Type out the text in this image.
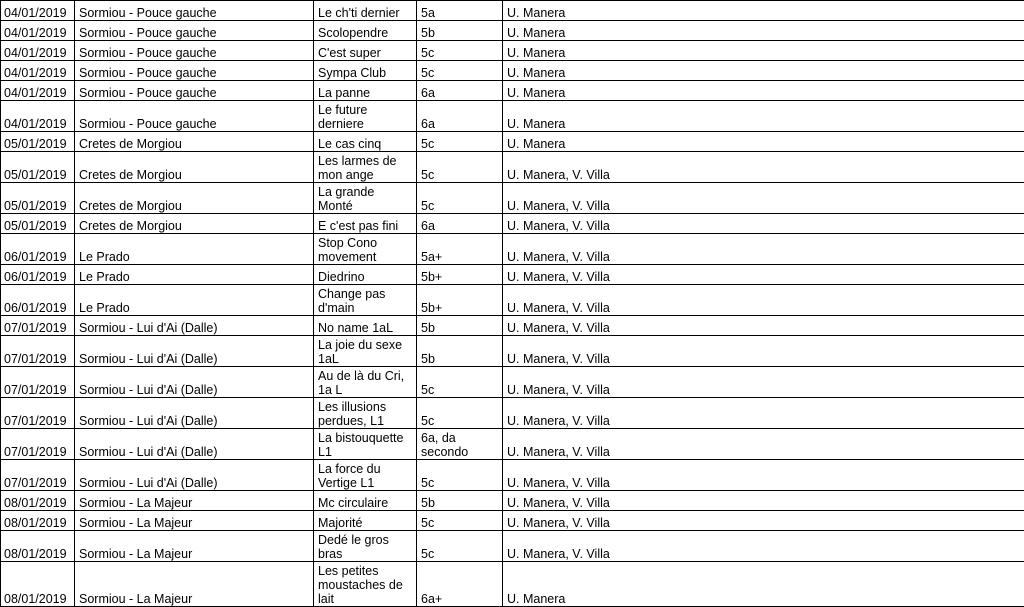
04/01/2019	Sormiou - Pouce gauche	Le ch'ti dernier	5a	U. Manera
04/01/2019	Sormiou - Pouce gauche	Scolopendre	5b	U. Manera
04/01/2019	Sormiou - Pouce gauche	C'est super	5c	U. Manera
04/01/2019	Sormiou - Pouce gauche	Sympa Club	5c	U. Manera
04/01/2019	Sormiou - Pouce gauche	La panne	6a	U. Manera
04/01/2019	Sormiou - Pouce gauche	Le future derniere	6a	U. Manera
05/01/2019	Cretes de Morgiou	Le cas cinq	5c	U. Manera
05/01/2019	Cretes de Morgiou	Les larmes de mon ange	5c	U. Manera, V. Villa
05/01/2019	Cretes de Morgiou	La grande Monté	5c	U. Manera, V. Villa
05/01/2019	Cretes de Morgiou	E c'est pas fini	6a	U. Manera, V. Villa
06/01/2019	Le Prado	Stop Cono movement	5a+	U. Manera, V. Villa
06/01/2019	Le Prado	Diedrino	5b+	U. Manera, V. Villa
06/01/2019	Le Prado	Change pas d'main	5b+	U. Manera, V. Villa
07/01/2019	Sormiou - Lui d'Ai (Dalle)	No name 1aL	5b	U. Manera, V. Villa
07/01/2019	Sormiou - Lui d'Ai (Dalle)	La joie du sexe 1aL	5b	U. Manera, V. Villa
07/01/2019	Sormiou - Lui d'Ai (Dalle)	Au de là du Cri, 1a L	5c	U. Manera, V. Villa
07/01/2019	Sormiou - Lui d'Ai (Dalle)	Les illusions perdues, L1	5c	U. Manera, V. Villa
07/01/2019	Sormiou - Lui d'Ai (Dalle)	La bistouquette L1	6a, da secondo	U. Manera, V. Villa
07/01/2019	Sormiou - Lui d'Ai (Dalle)	La force du Vertige L1	5c	U. Manera, V. Villa
08/01/2019	Sormiou - La Majeur	Mc circulaire	5b	U. Manera, V. Villa
08/01/2019	Sormiou - La Majeur	Majorité	5c	U. Manera, V. Villa
08/01/2019	Sormiou - La Majeur	Dedé le gros bras	5c	U. Manera, V. Villa
08/01/2019	Sormiou - La Majeur	Les petites moustaches de lait	6a+	U. Manera
